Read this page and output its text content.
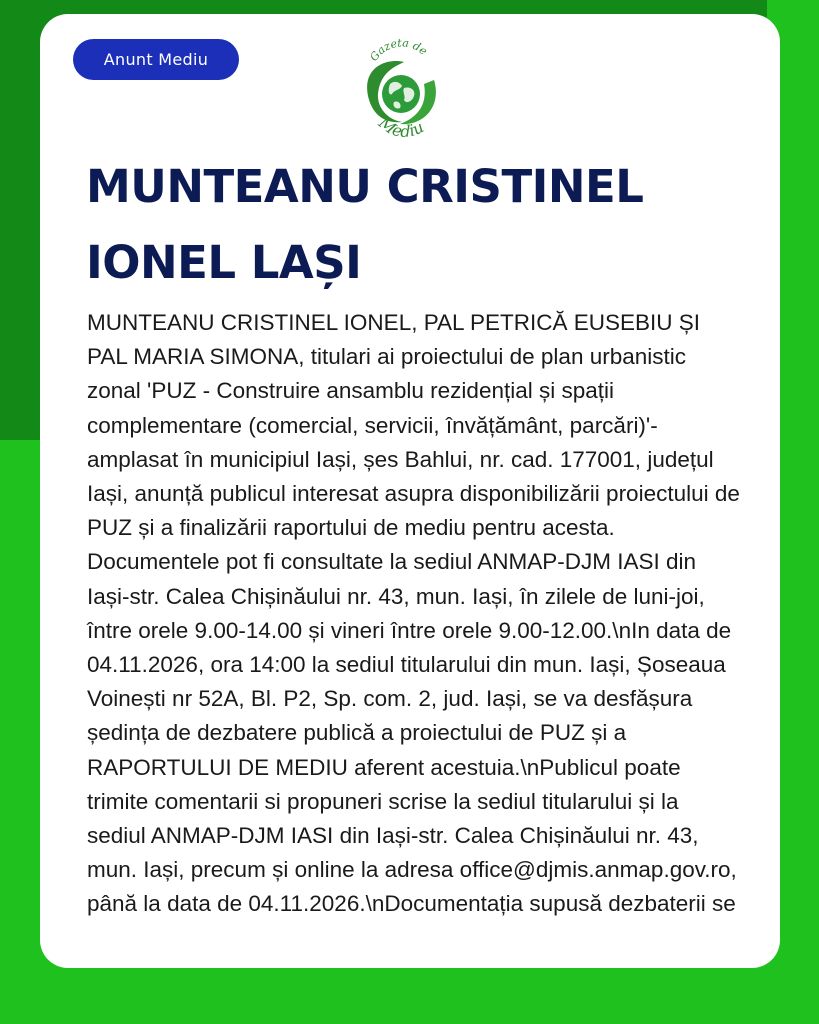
Anunt Mediu	Gazeta de
Mediu
MUNTEANU CRISTINEL IONEL LAȘI

MUNTEANU CRISTINEL IONEL, PAL PETRICĂ EUSEBIU ȘI PAL MARIA SIMONA, titulari ai proiectului de plan urbanistic zonal 'PUZ - Construire ansamblu rezidențial și spații complementare (comercial, servicii, învățământ, parcări)'- amplasat în municipiul Iași, șes Bahlui, nr. cad. 177001, județul Iași, anunță publicul interesat asupra disponibilizării proiectului de PUZ și a finalizării raportului de mediu pentru acesta. Documentele pot fi consultate la sediul ANMAP-DJM IASI din Iași-str. Calea Chișinăului nr. 43, mun. Iași, în zilele de luni-joi, între orele 9.00-14.00 și vineri între orele 9.00-12.00.\nIn data de 04.11.2026, ora 14:00 la sediul titularului din mun. Iași, Șoseaua Voinești nr 52A, Bl. P2, Sp. com. 2, jud. Iași, se va desfășura ședința de dezbatere publică a proiectului de PUZ și a RAPORTULUI DE MEDIU aferent acestuia.\nPublicul poate trimite comentarii si propuneri scrise la sediul titularului și la sediul ANMAP-DJM IASI din Iași-str. Calea Chișinăului nr. 43, mun. Iași, precum și online la adresa office@djmis.anmap.gov.ro, până la data de 04.11.2026.\nDocumentația supusă dezbaterii se
